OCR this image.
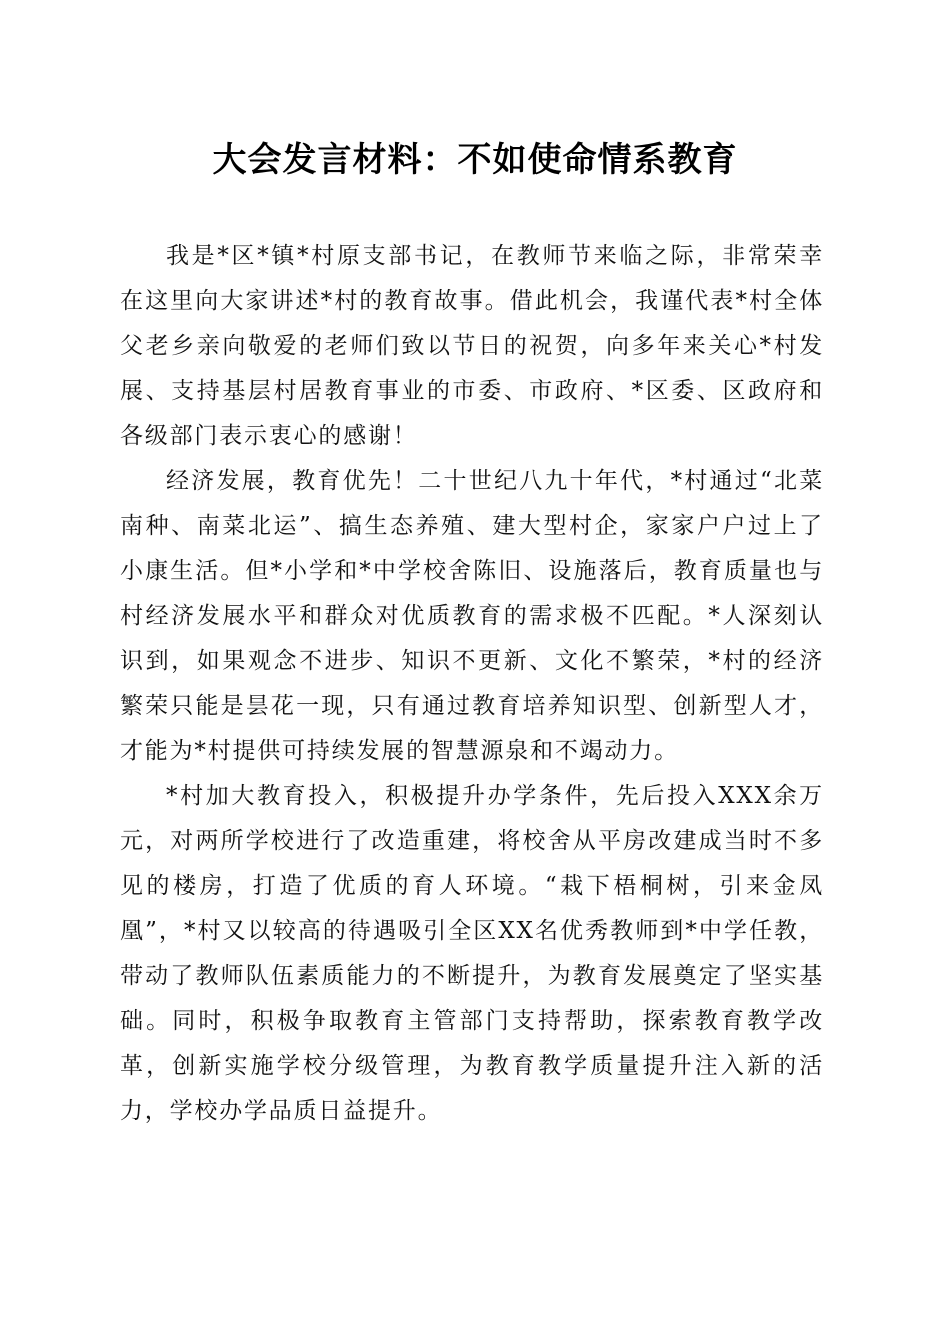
大会发言材料：不如使命情系教育

我是*区*镇*村原支部书记，在教师节来临之际，非常荣幸在这里向大家讲述*村的教育故事。借此机会，我谨代表*村全体父老乡亲向敬爱的老师们致以节日的祝贺，向多年来关心*村发展、支持基层村居教育事业的市委、市政府、*区委、区政府和各级部门表示衷心的感谢！

经济发展，教育优先！二十世纪八九十年代，*村通过“北菜南种、南菜北运”、搞生态养殖、建大型村企，家家户户过上了小康生活。但*小学和*中学校舍陈旧、设施落后，教育质量也与村经济发展水平和群众对优质教育的需求极不匹配。*人深刻认识到，如果观念不进步、知识不更新、文化不繁荣，*村的经济繁荣只能是昙花一现，只有通过教育培养知识型、创新型人才，才能为*村提供可持续发展的智慧源泉和不竭动力。

*村加大教育投入，积极提升办学条件，先后投入XXX余万元，对两所学校进行了改造重建，将校舍从平房改建成当时不多见的楼房，打造了优质的育人环境。“栽下梧桐树，引来金凤凰”，*村又以较高的待遇吸引全区XX名优秀教师到*中学任教，带动了教师队伍素质能力的不断提升，为教育发展奠定了坚实基础。同时，积极争取教育主管部门支持帮助，探索教育教学改革，创新实施学校分级管理，为教育教学质量提升注入新的活力，学校办学品质日益提升。
